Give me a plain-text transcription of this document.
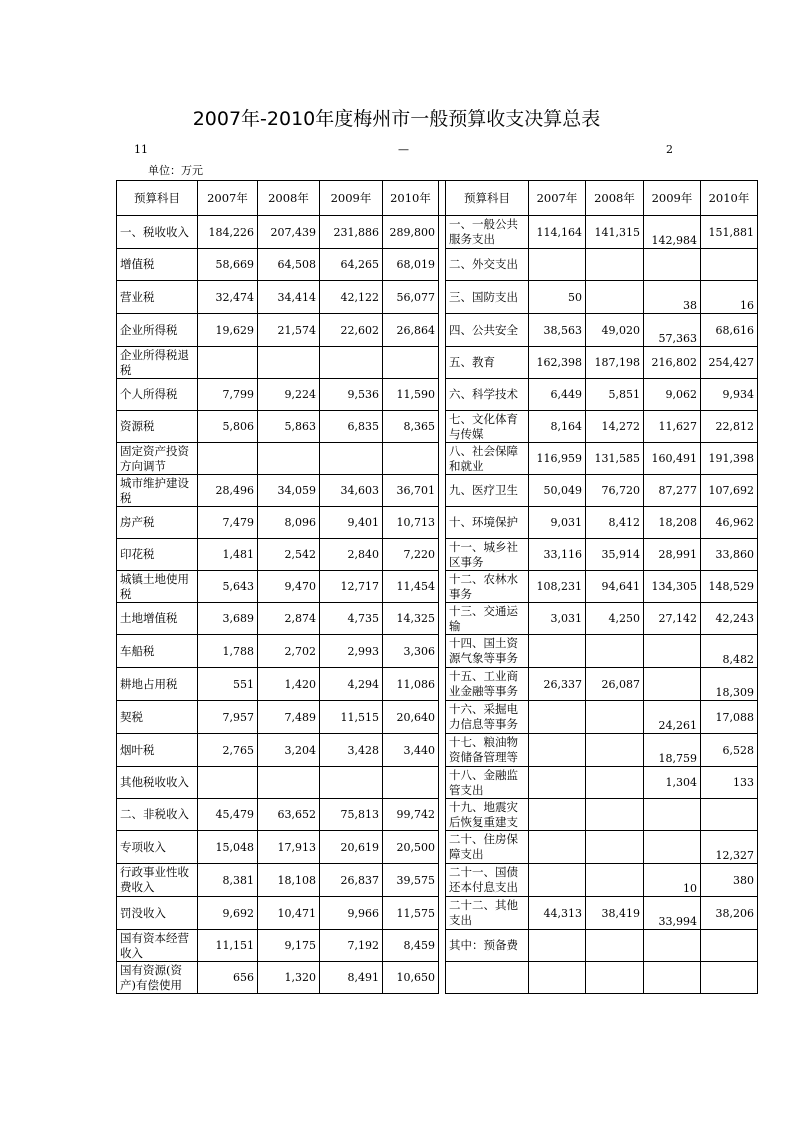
2007年-2010年度梅州市一般预算收支决算总表
11	—	2
单位：万元
预算科目	2007年	2008年	2009年	2010年		预算科目	2007年	2008年	2009年	2010年
一、税收收入	184,226	207,439	231,886	289,800		一、一般公共服务支出	114,164	141,315	142,984	151,881
增值税	58,669	64,508	64,265	68,019		二、外交支出				
营业税	32,474	34,414	42,122	56,077		三、国防支出	50		38	16
企业所得税	19,629	21,574	22,602	26,864		四、公共安全	38,563	49,020	57,363	68,616
企业所得税退税						五、教育	162,398	187,198	216,802	254,427
个人所得税	7,799	9,224	9,536	11,590		六、科学技术	6,449	5,851	9,062	9,934
资源税	5,806	5,863	6,835	8,365		七、文化体育与传媒	8,164	14,272	11,627	22,812
固定资产投资方向调节						八、社会保障和就业	116,959	131,585	160,491	191,398
城市维护建设税	28,496	34,059	34,603	36,701		九、医疗卫生	50,049	76,720	87,277	107,692
房产税	7,479	8,096	9,401	10,713		十、环境保护	9,031	8,412	18,208	46,962
印花税	1,481	2,542	2,840	7,220		十一、城乡社区事务	33,116	35,914	28,991	33,860
城镇土地使用税	5,643	9,470	12,717	11,454		十二、农林水事务	108,231	94,641	134,305	148,529
土地增值税	3,689	2,874	4,735	14,325		十三、交通运输	3,031	4,250	27,142	42,243
车船税	1,788	2,702	2,993	3,306		十四、国土资源气象等事务				8,482
耕地占用税	551	1,420	4,294	11,086		十五、工业商业金融等事务	26,337	26,087		18,309
契税	7,957	7,489	11,515	20,640		十六、采掘电力信息等事务			24,261	17,088
烟叶税	2,765	3,204	3,428	3,440		十七、粮油物资储备管理等			18,759	6,528
其他税收收入						十八、金融监管支出			1,304	133
二、非税收入	45,479	63,652	75,813	99,742		十九、地震灾后恢复重建支				
专项收入	15,048	17,913	20,619	20,500		二十、住房保障支出				12,327
行政事业性收费收入	8,381	18,108	26,837	39,575		二十一、国债还本付息支出			10	380
罚没收入	9,692	10,471	9,966	11,575		二十二、其他支出	44,313	38,419	33,994	38,206
国有资本经营收入	11,151	9,175	7,192	8,459		其中：预备费				
国有资源(资产)有偿使用	656	1,320	8,491	10,650						
